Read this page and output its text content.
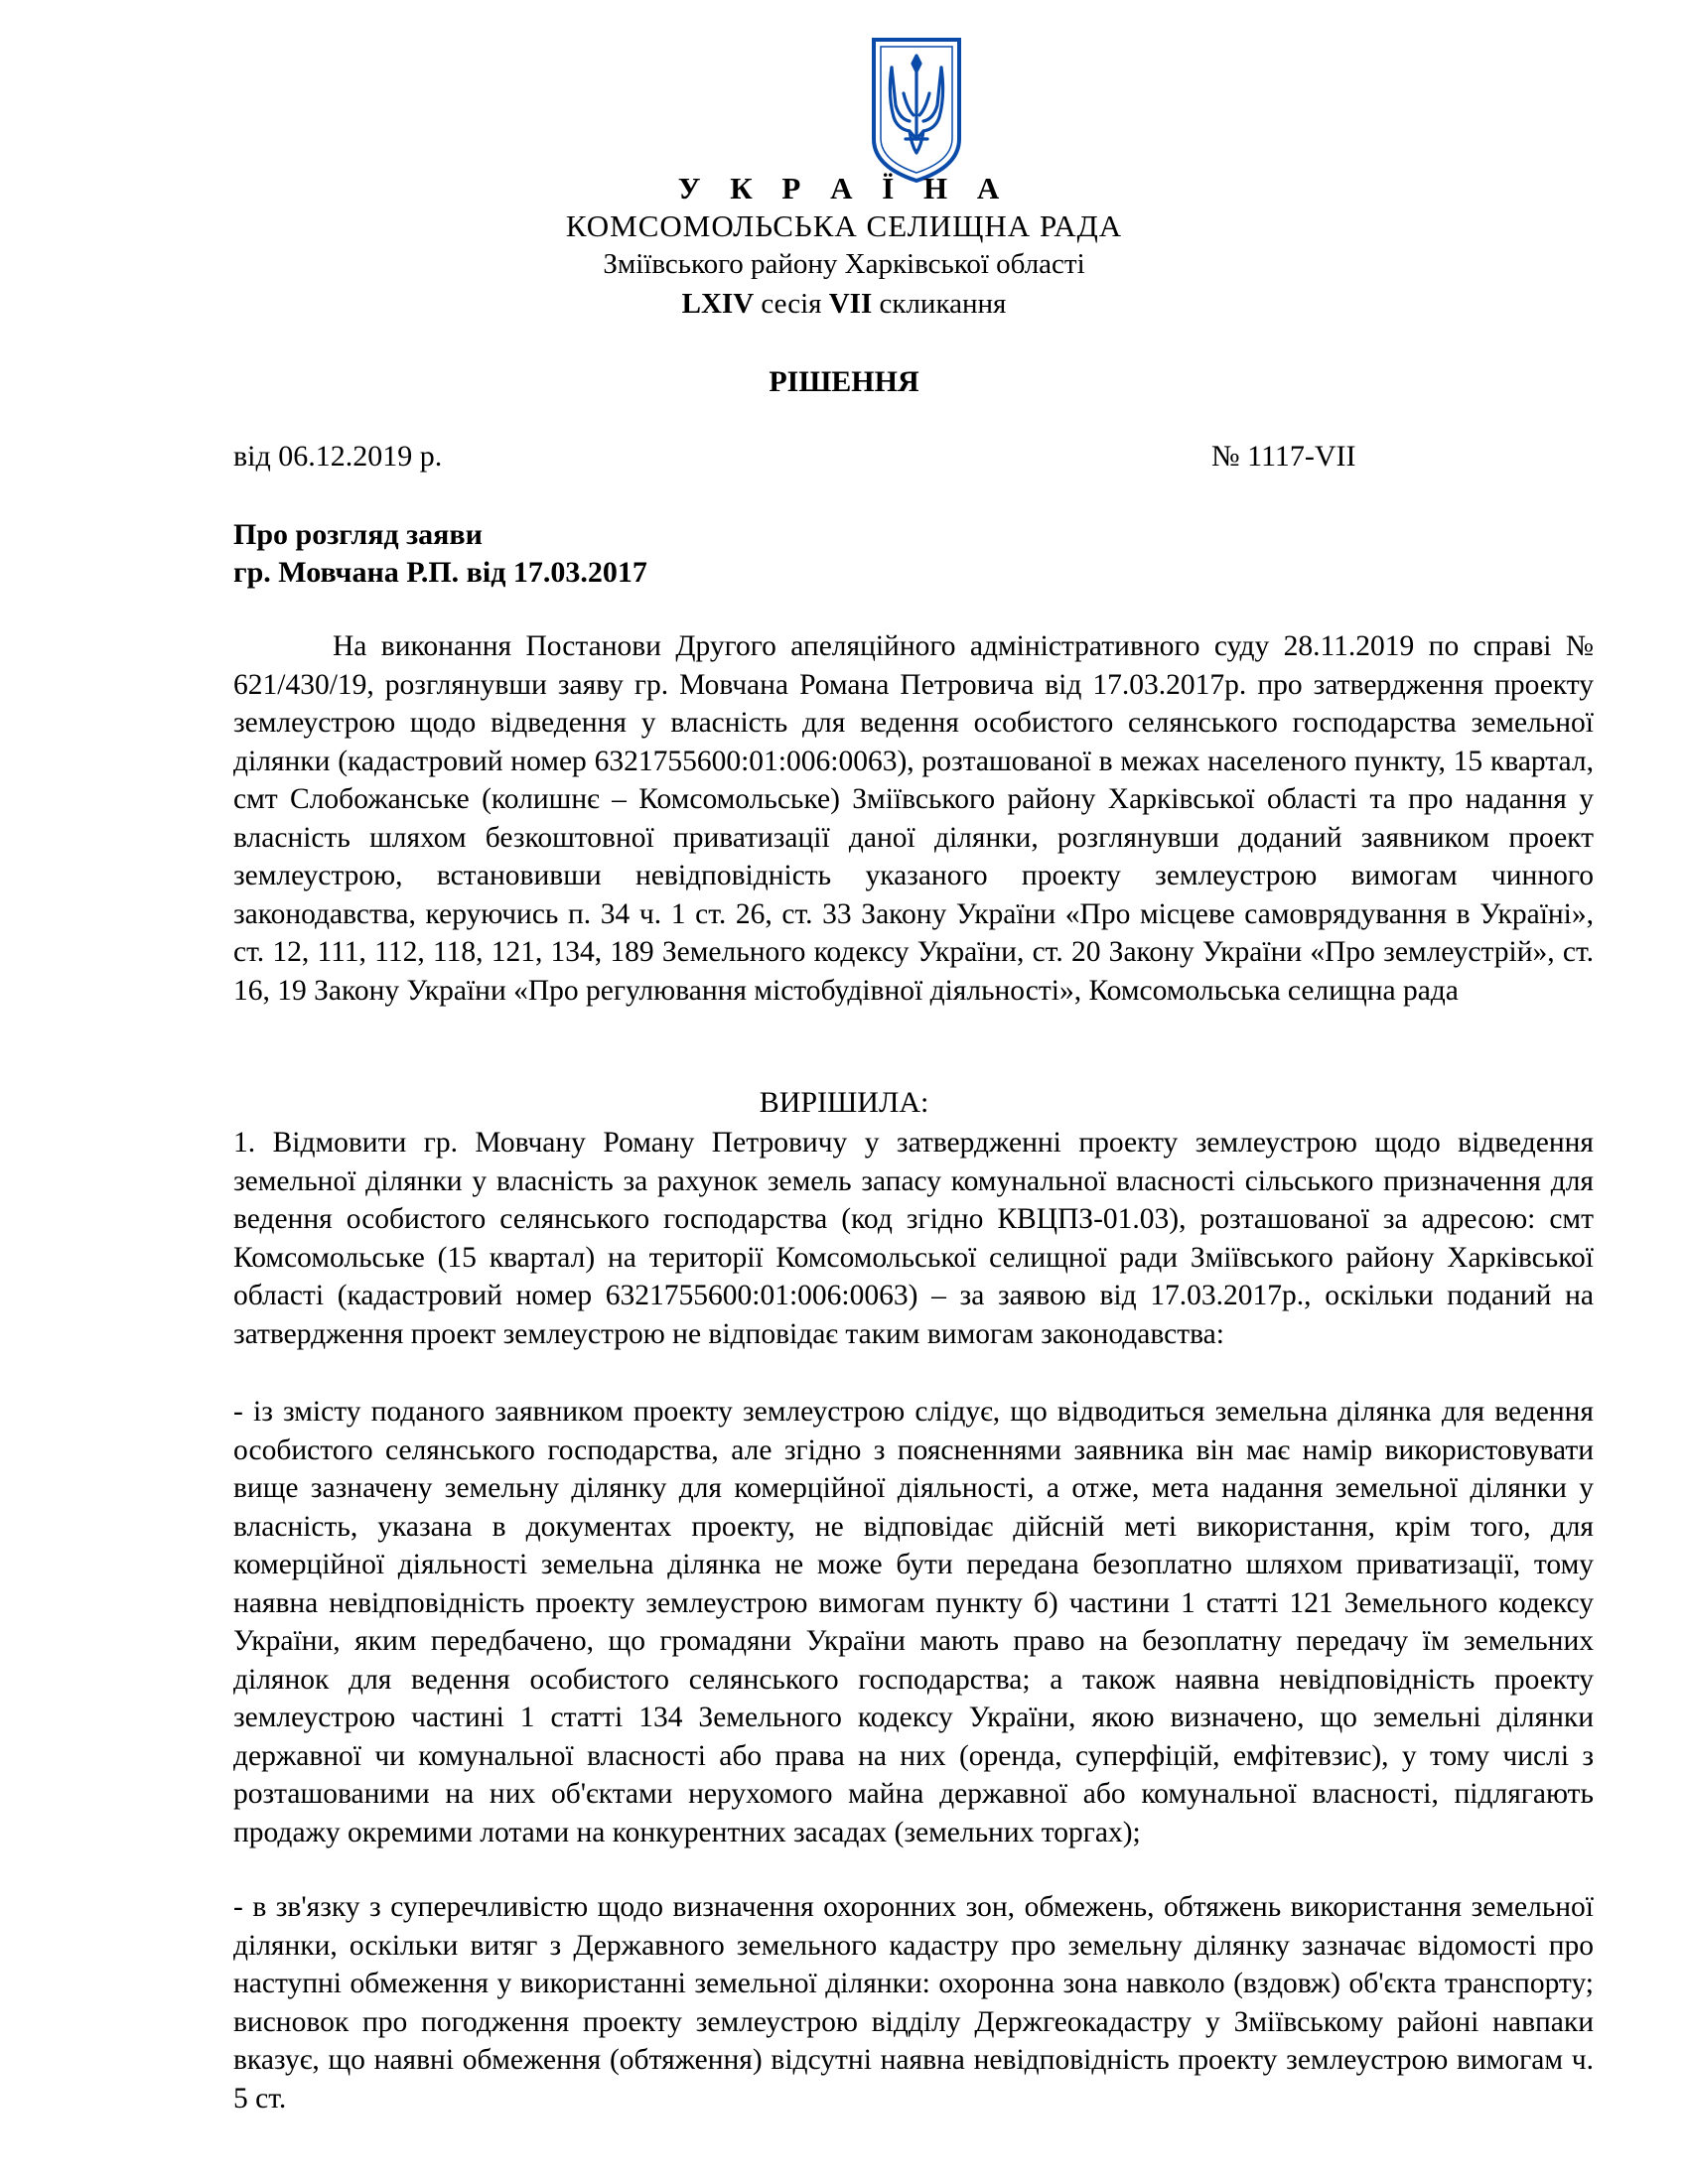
У К Р А Ї Н А
КОМСОМОЛЬСЬКА СЕЛИЩНА РАДА
Зміївського району Харківської області
LXIV сесія VII скликання
РІШЕННЯ
від 06.12.2019 р.	№ 1117-VII
Про розгляд заяви
гр. Мовчана Р.П. від 17.03.2017
На виконання Постанови Другого апеляційного адміністративного суду 28.11.2019 по справі № 621/430/19, розглянувши заяву гр. Мовчана Романа Петровича від 17.03.2017р. про затвердження проекту землеустрою щодо відведення у власність для ведення особистого селянського господарства земельної ділянки (кадастровий номер 6321755600:01:006:0063), розташованої в межах населеного пункту, 15 квартал, смт Слобожанське (колишнє – Комсомольське) Зміївського району Харківської області та про надання у власність шляхом безкоштовної приватизації даної ділянки, розглянувши доданий заявником проект землеустрою, встановивши невідповідність указаного проекту землеустрою вимогам чинного законодавства, керуючись п. 34 ч. 1 ст. 26, ст. 33 Закону України «Про місцеве самоврядування в Україні», ст. 12, 111, 112, 118, 121, 134, 189 Земельного кодексу України, ст. 20 Закону України «Про землеустрій», ст. 16, 19 Закону України «Про регулювання містобудівної діяльності», Комсомольська селищна рада
ВИРІШИЛА:
1. Відмовити гр. Мовчану Роману Петровичу у затвердженні проекту землеустрою щодо відведення земельної ділянки у власність за рахунок земель запасу комунальної власності сільського призначення для ведення особистого селянського господарства (код згідно КВЦПЗ-01.03), розташованої за адресою: смт Комсомольське (15 квартал) на території Комсомольської селищної ради Зміївського району Харківської області (кадастровий номер 6321755600:01:006:0063) – за заявою від 17.03.2017р., оскільки поданий на затвердження проект землеустрою не відповідає таким вимогам законодавства:
- із змісту поданого заявником проекту землеустрою слідує, що відводиться земельна ділянка для ведення особистого селянського господарства, але згідно з поясненнями заявника він має намір використовувати вище зазначену земельну ділянку для комерційної діяльності, а отже, мета надання земельної ділянки у власність, указана в документах проекту, не відповідає дійсній меті використання, крім того, для комерційної діяльності земельна ділянка не може бути передана безоплатно шляхом приватизації, тому наявна невідповідність проекту землеустрою вимогам пункту б) частини 1 статті 121 Земельного кодексу України, яким передбачено, що громадяни України мають право на безоплатну передачу їм земельних ділянок для ведення особистого селянського господарства; а також наявна невідповідність проекту землеустрою частині 1 статті 134 Земельного кодексу України, якою визначено, що земельні ділянки державної чи комунальної власності або права на них (оренда, суперфіцій, емфітевзис), у тому числі з розташованими на них об'єктами нерухомого майна державної або комунальної власності, підлягають продажу окремими лотами на конкурентних засадах (земельних торгах);
- в зв'язку з суперечливістю щодо визначення охоронних зон, обмежень, обтяжень використання земельної ділянки, оскільки витяг з Державного земельного кадастру про земельну ділянку зазначає відомості про наступні обмеження у використанні земельної ділянки: охоронна зона навколо (вздовж) об'єкта транспорту; висновок про погодження проекту землеустрою відділу Держгеокадастру у Зміївському районі навпаки вказує, що наявні обмеження (обтяження) відсутні наявна невідповідність проекту землеустрою вимогам ч. 5 ст.
